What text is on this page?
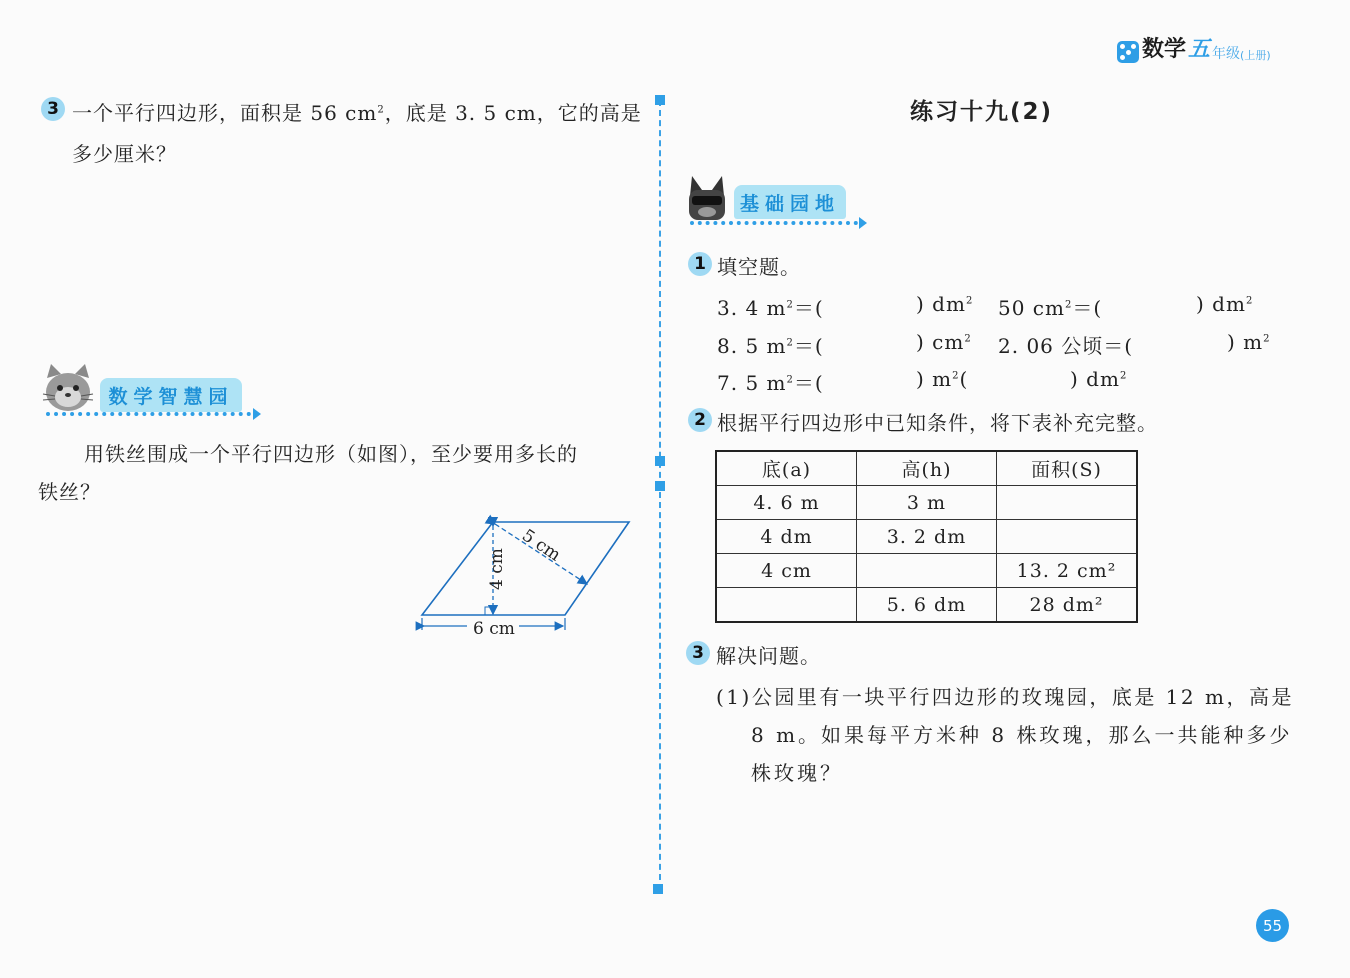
数学 五 年级 (上册)
3 一个平行四边形，面积是 56 $cm^2$，底是 3. 5 cm，它的高是
多少厘米？
数学智慧园
用铁丝围成一个平行四边形（如图），至少要用多长的
铁丝？
6 cm
4 cm
5 cm
练习十九(2)
基础园地
1 填空题。
3. 4 $m^2=$(	) $dm^2$ 50 $cm^2=$(	) $dm^2$
8. 5 $m^2=$(	) $cm^2$ 2. 06 公顷＝(	) $m^2$
7. 5 $m^2=$(	) $m^2$(	) $dm^2$
2 根据平行四边形中已知条件，将下表补充完整。
底(a)	高(h)	面积(S)
4. 6 m	3 m	
4 dm	3. 2 dm	
4 cm		13. 2 cm²
	5. 6 dm	28 dm²
3 解决问题。
(1)公园里有一块平行四边形的玫瑰园，底是 12 m，高是
8 m。如果每平方米种 8 株玫瑰，那么一共能种多少
株玫瑰？
55
